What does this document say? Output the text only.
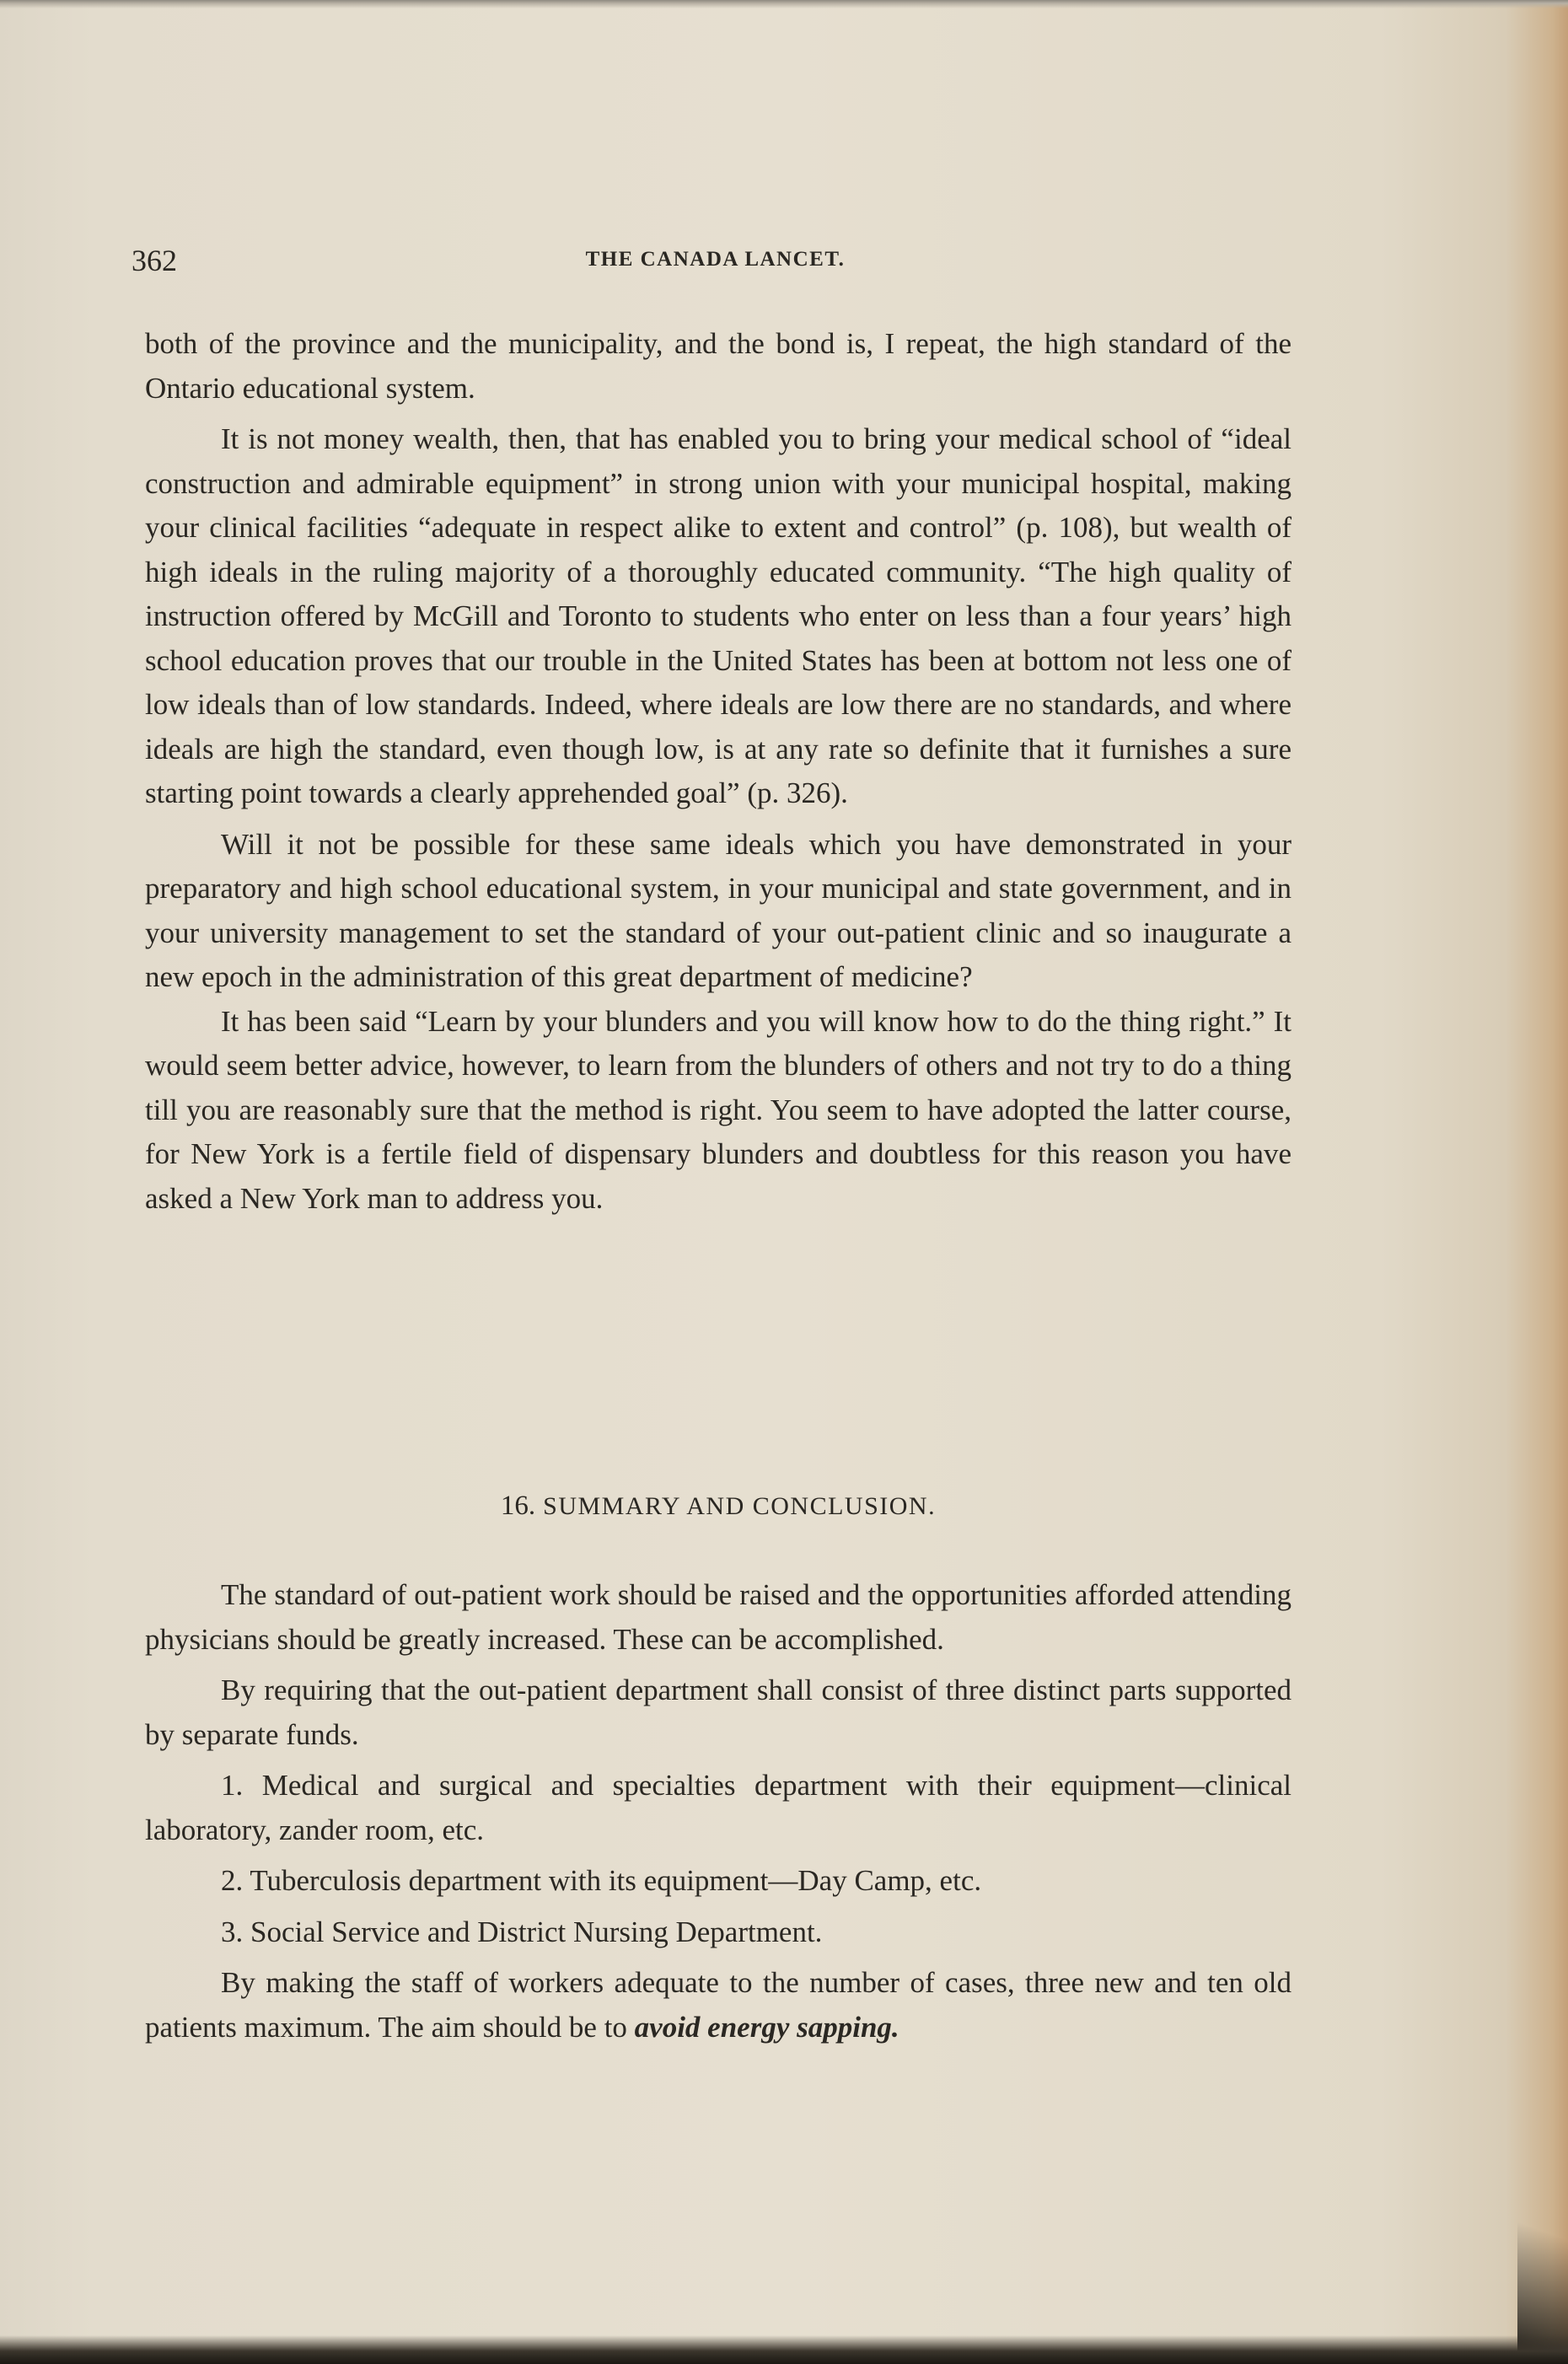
362	THE CANADA LANCET.

both of the province and the municipality, and the bond is, I repeat, the high standard of the Ontario educational system.

It is not money wealth, then, that has enabled you to bring your medical school of “ideal construction and admirable equipment” in strong union with your municipal hospital, making your clinical facilities “adequate in respect alike to extent and control” (p. 108), but wealth of high ideals in the ruling majority of a thoroughly educated community. “The high quality of instruction offered by McGill and Toronto to students who enter on less than a four years’ high school education proves that our trouble in the United States has been at bottom not less one of low ideals than of low standards. Indeed, where ideals are low there are no standards, and where ideals are high the standard, even though low, is at any rate so definite that it furnishes a sure starting point towards a clearly apprehended goal” (p. 326).

Will it not be possible for these same ideals which you have demonstrated in your preparatory and high school educational system, in your municipal and state government, and in your university management to set the standard of your out-patient clinic and so inaugurate a new epoch in the administration of this great department of medicine?

It has been said “Learn by your blunders and you will know how to do the thing right.” It would seem better advice, however, to learn from the blunders of others and not try to do a thing till you are reasonably sure that the method is right. You seem to have adopted the latter course, for New York is a fertile field of dispensary blunders and doubtless for this reason you have asked a New York man to address you.

16. SUMMARY AND CONCLUSION.

The standard of out-patient work should be raised and the opportunities afforded attending physicians should be greatly increased. These can be accomplished.

By requiring that the out-patient department shall consist of three distinct parts supported by separate funds.

1. Medical and surgical and specialties department with their equipment—clinical laboratory, zander room, etc.

2. Tuberculosis department with its equipment—Day Camp, etc.

3. Social Service and District Nursing Department.

By making the staff of workers adequate to the number of cases, three new and ten old patients maximum. The aim should be to avoid energy sapping.
